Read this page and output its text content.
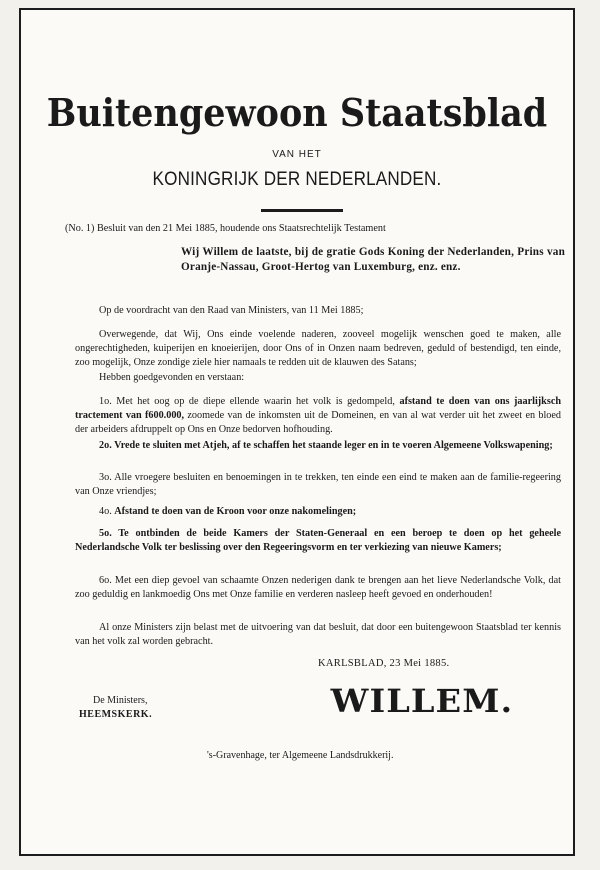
Buitengewoon Staatsblad
VAN HET
KONINGRIJK DER NEDERLANDEN.

(No. 1) Besluit van den 21 Mei 1885, houdende ons Staatsrechtelijk Testament

Wij Willem de laatste, bij de gratie Gods Koning der Nederlanden, Prins van Oranje-Nassau, Groot-Hertog van Luxemburg, enz. enz.

Op de voordracht van den Raad van Ministers, van 11 Mei 1885;

Overwegende, dat Wij, Ons einde voelende naderen, zooveel mogelijk wenschen goed te maken, alle ongerechtigheden, kuiperijen en knoeierijen, door Ons of in Onzen naam bedreven, geduld of bestendigd, ten einde, zoo mogelijk, Onze zondige ziele hier namaals te redden uit de klauwen des Satans;

Hebben goedgevonden en verstaan:

1o. Met het oog op de diepe ellende waarin het volk is gedompeld, afstand te doen van ons jaarlijksch tractement van f600.000, zoomede van de inkomsten uit de Domeinen, en van al wat verder uit het zweet en bloed der arbeiders afdruppelt op Ons en Onze bedorven hofhouding.

2o. Vrede te sluiten met Atjeh, af te schaffen het staande leger en in te voeren Algemeene Volkswapening;

3o. Alle vroegere besluiten en benoemingen in te trekken, ten einde een eind te maken aan de familie-regeering van Onze vriendjes;

4o. Afstand te doen van de Kroon voor onze nakomelingen;

5o. Te ontbinden de beide Kamers der Staten-Generaal en een beroep te doen op het geheele Nederlandsche Volk ter beslissing over den Regeeringsvorm en ter verkiezing van nieuwe Kamers;

6o. Met een diep gevoel van schaamte Onzen nederigen dank te brengen aan het lieve Nederlandsche Volk, dat zoo geduldig en lankmoedig Ons met Onze familie en verderen nasleep heeft gevoed en onderhouden!

Al onze Ministers zijn belast met de uitvoering van dat besluit, dat door een buitengewoon Staatsblad ter kennis van het volk zal worden gebracht.

KARLSBLAD, 23 Mei 1885.
WILLEM.
De Ministers,
HEEMSKERK.
's-Gravenhage, ter Algemeene Landsdrukkerij.
